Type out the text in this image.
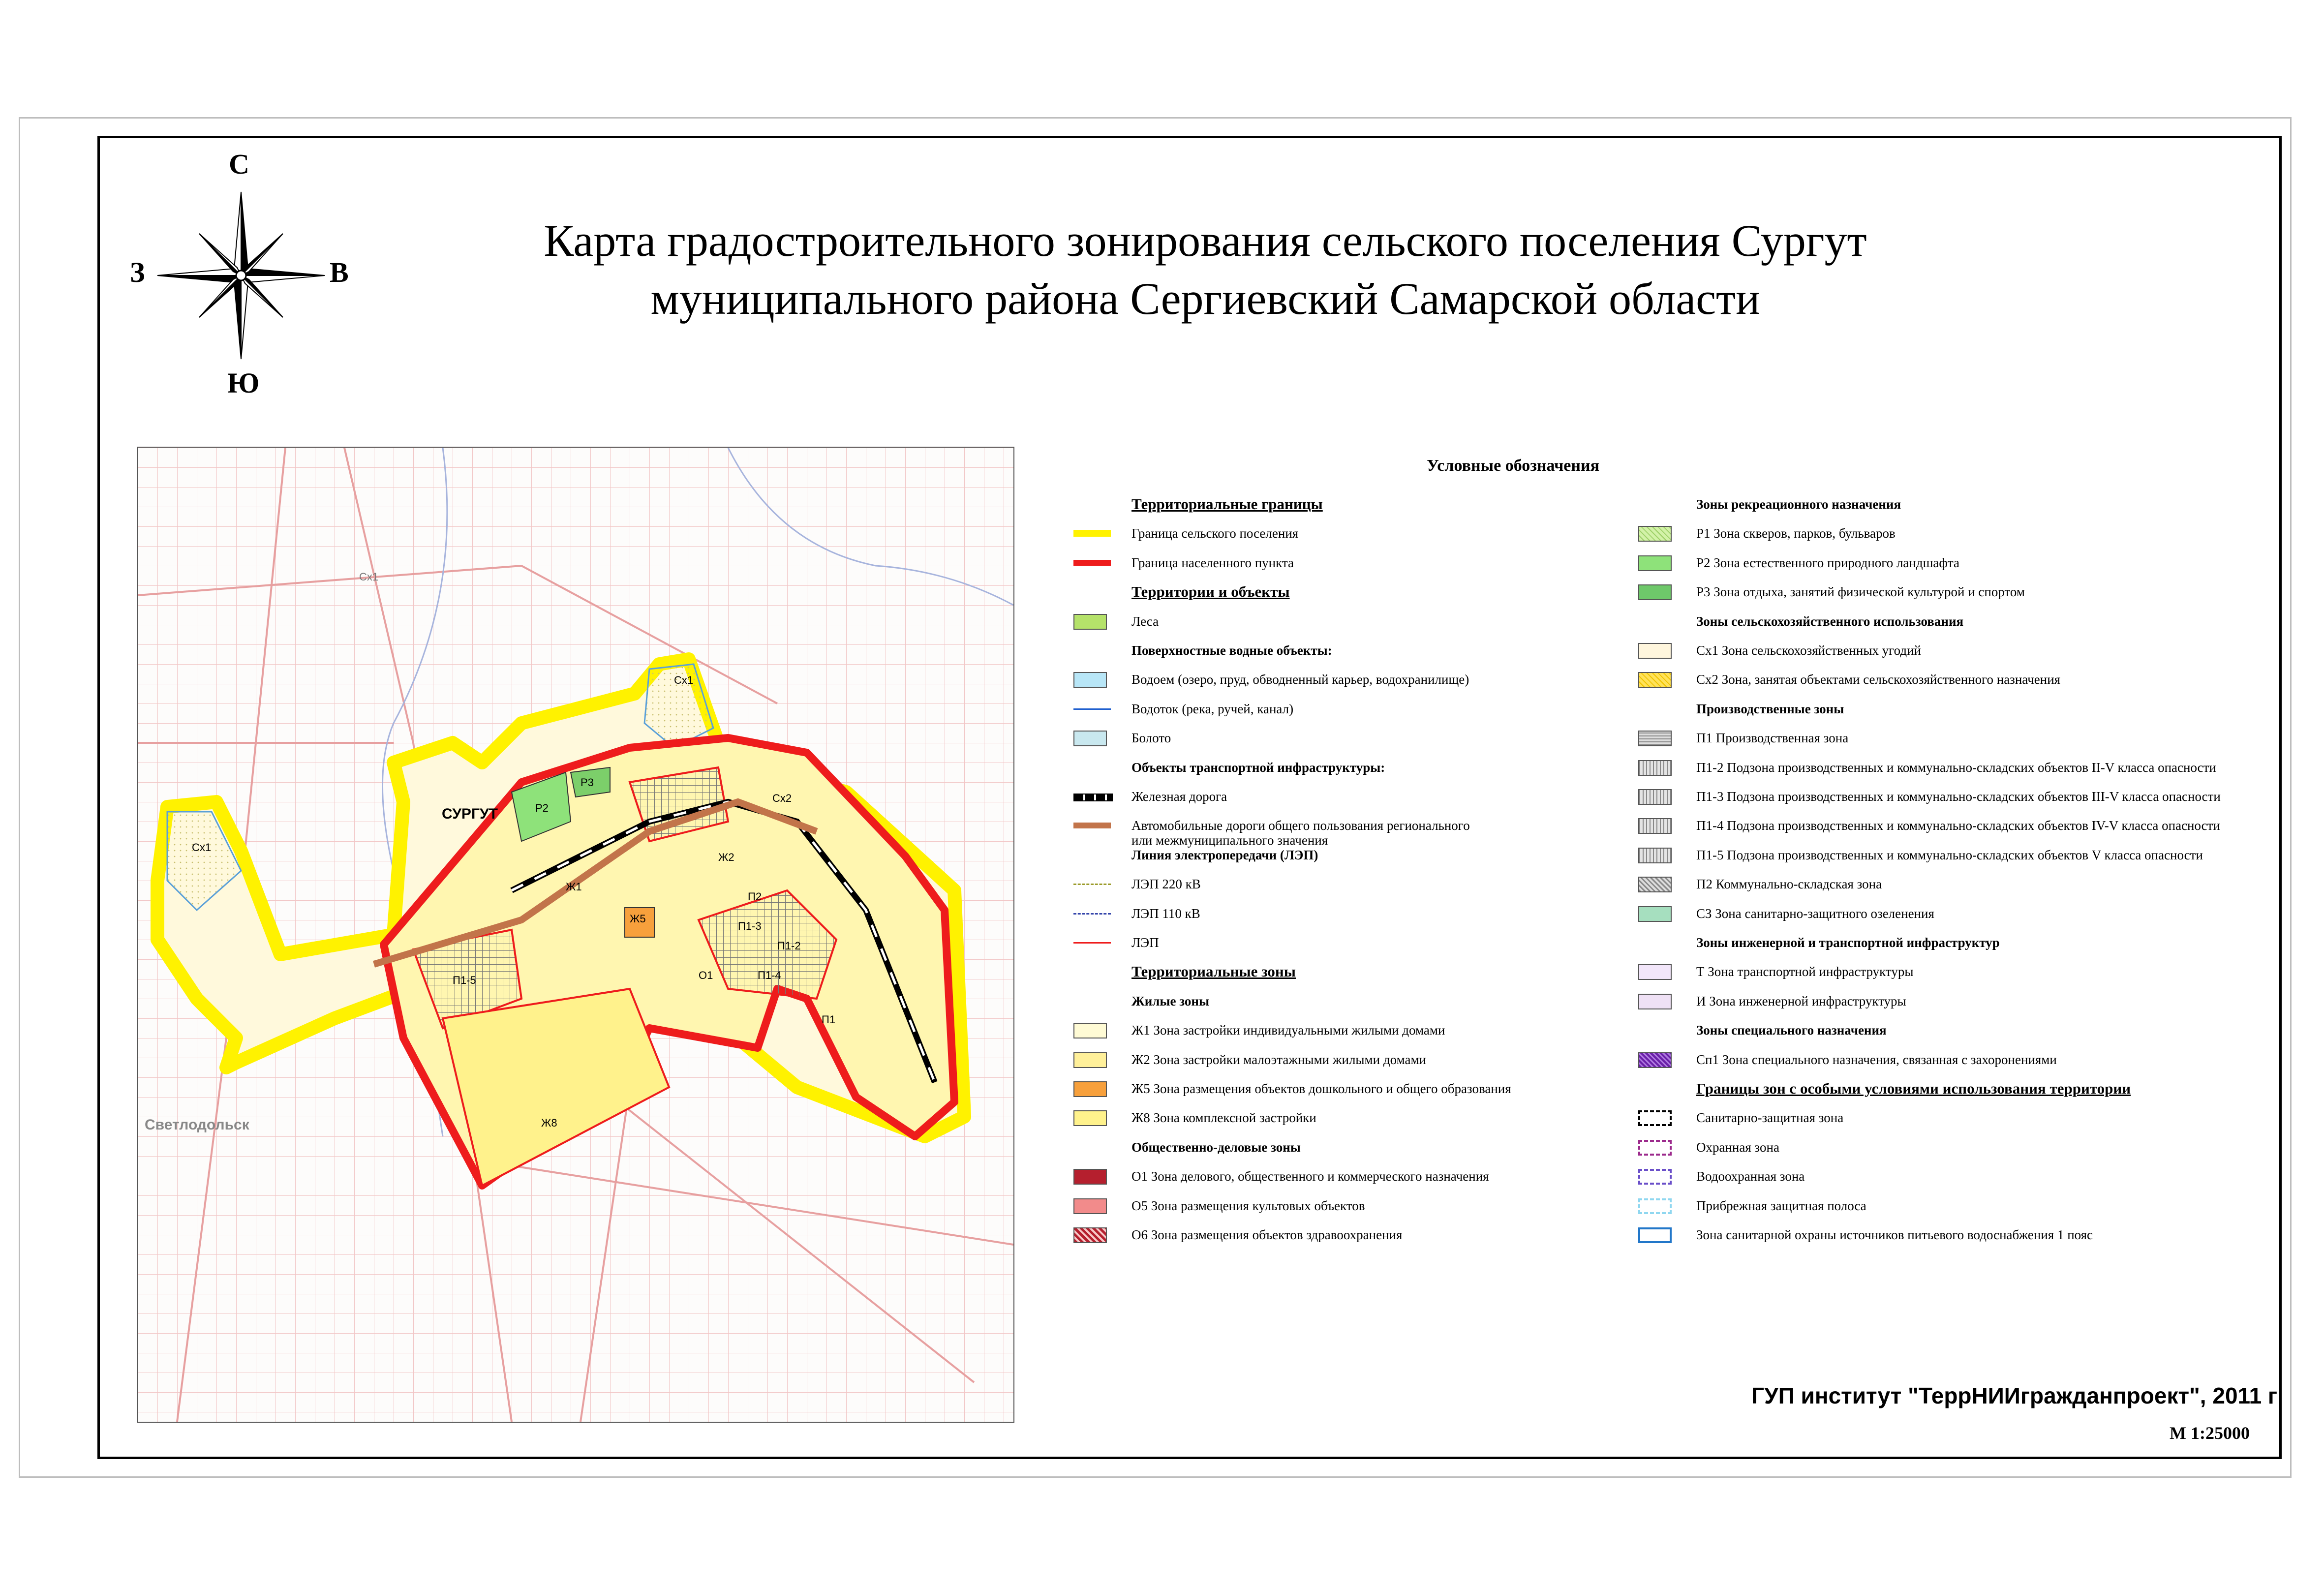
С
Ю
З	В
Карта градостроительного зонирования сельского поселения Сургут
муниципального района Сергиевский Самарской области
СУРГУТ
Светлодольск
Сх1
Сх1
Сх1
Р2
Р3
Ж1
Ж2
Ж5
Ж8
П1
П1-2
П1-3
П1-4
П1-5
П2
О1
Сх2
Условные обозначения
Территориальные границы
Граница сельского поселения
Граница населенного пункта
Территории и объекты
Леса
Поверхностные водные объекты:
Водоем (озеро, пруд, обводненный карьер, водохранилище)
Водоток (река, ручей, канал)
Болото
Объекты транспортной инфраструктуры:
Железная дорога
Автомобильные дороги общего пользования регионального
или межмуниципального значения
Линия электропередачи (ЛЭП)
ЛЭП 220 кВ
ЛЭП 110 кВ
ЛЭП
Территориальные зоны
Жилые зоны
Ж1 Зона застройки индивидуальными жилыми домами
Ж2 Зона застройки малоэтажными жилыми домами
Ж5 Зона размещения объектов дошкольного и общего образования
Ж8 Зона комплексной застройки
Общественно-деловые зоны
О1 Зона делового, общественного и коммерческого назначения
О5 Зона размещения культовых объектов
О6 Зона размещения объектов здравоохранения
Зоны рекреационного назначения
Р1 Зона скверов, парков, бульваров
Р2 Зона естественного природного ландшафта
Р3 Зона отдыха, занятий физической культурой и спортом
Зоны сельскохозяйственного использования
Сх1 Зона сельскохозяйственных угодий
Сх2 Зона, занятая объектами сельскохозяйственного назначения
Производственные зоны
П1 Производственная зона
П1-2 Подзона производственных и коммунально-складских объектов II-V класса опасности
П1-3 Подзона производственных и коммунально-складских объектов III-V класса опасности
П1-4 Подзона производственных и коммунально-складских объектов IV-V класса опасности
П1-5 Подзона производственных и коммунально-складских объектов V класса опасности
П2 Коммунально-складская зона
СЗ Зона санитарно-защитного озеленения
Зоны инженерной и транспортной инфраструктур
Т Зона транспортной инфраструктуры
И Зона инженерной инфраструктуры
Зоны специального назначения
Сп1 Зона специального назначения, связанная с захоронениями
Границы зон с особыми условиями использования территории
Санитарно-защитная зона
Охранная зона
Водоохранная зона
Прибрежная защитная полоса
Зона санитарной охраны источников питьевого водоснабжения 1 пояс
ГУП институт "ТеррНИИгражданпроект", 2011 г
М 1:25000
